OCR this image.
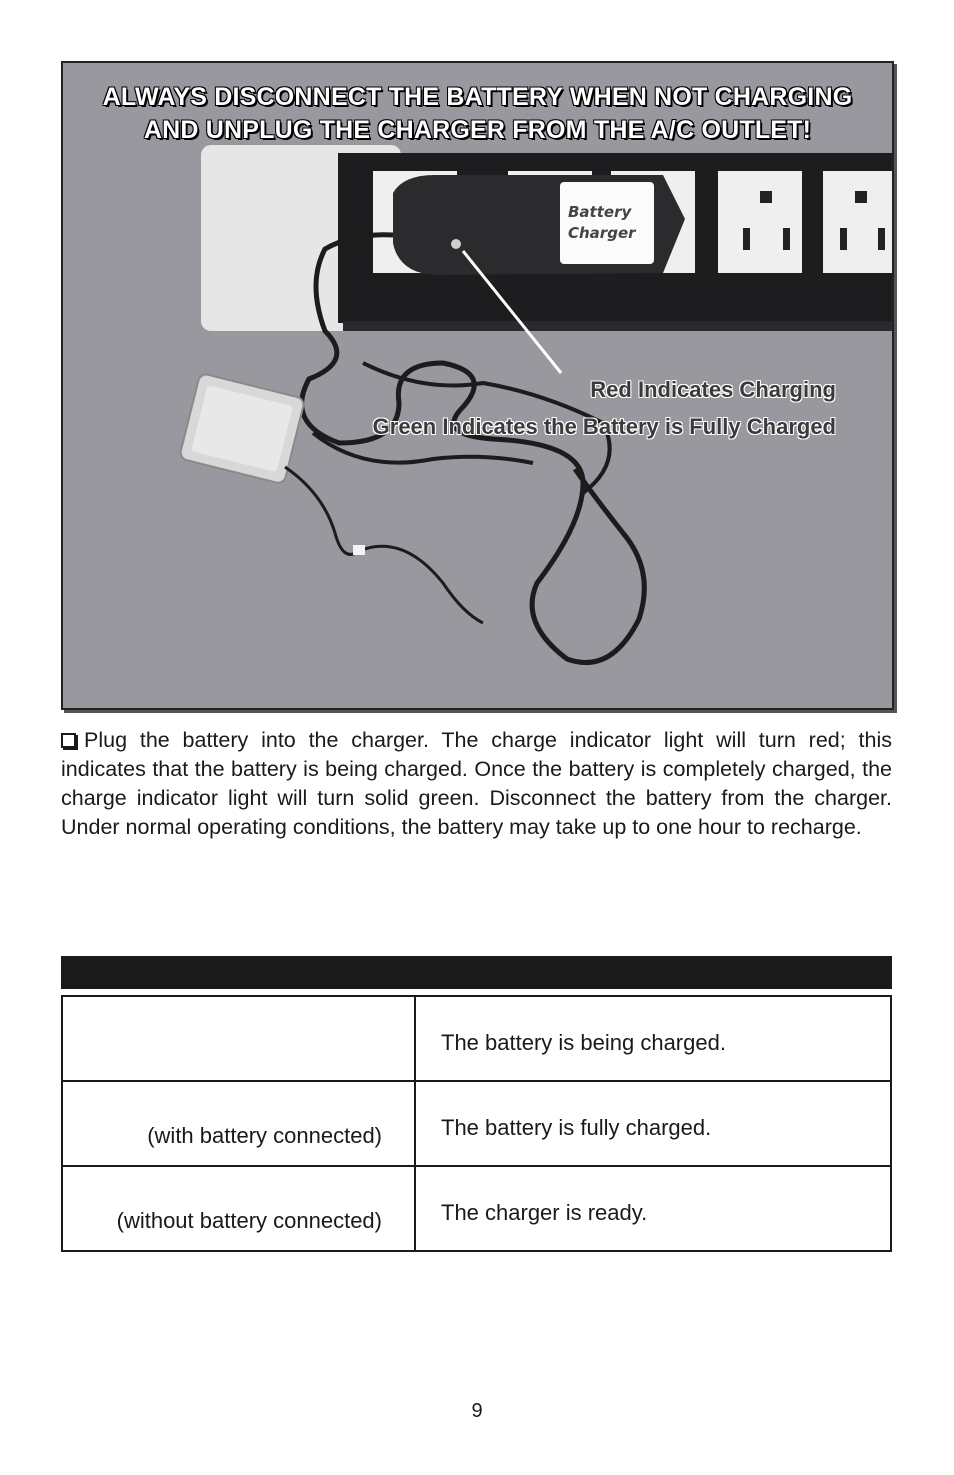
ALWAYS DISCONNECT THE BATTERY WHEN NOT CHARGING
AND UNPLUG THE CHARGER FROM THE A/C OUTLET!
Battery
Charger
Red Indicates Charging
Green Indicates the Battery is Fully Charged
Plug the battery into the charger. The charge indicator light will turn red; this indicates that the battery is being charged. Once the battery is completely charged, the charge indicator light will turn solid green. Disconnect the battery from the charger. Under normal operating conditions, the battery may take up to one hour to recharge.
	The battery is being charged.
(with battery connected)	The battery is fully charged.
(without battery connected)	The charger is ready.
9
